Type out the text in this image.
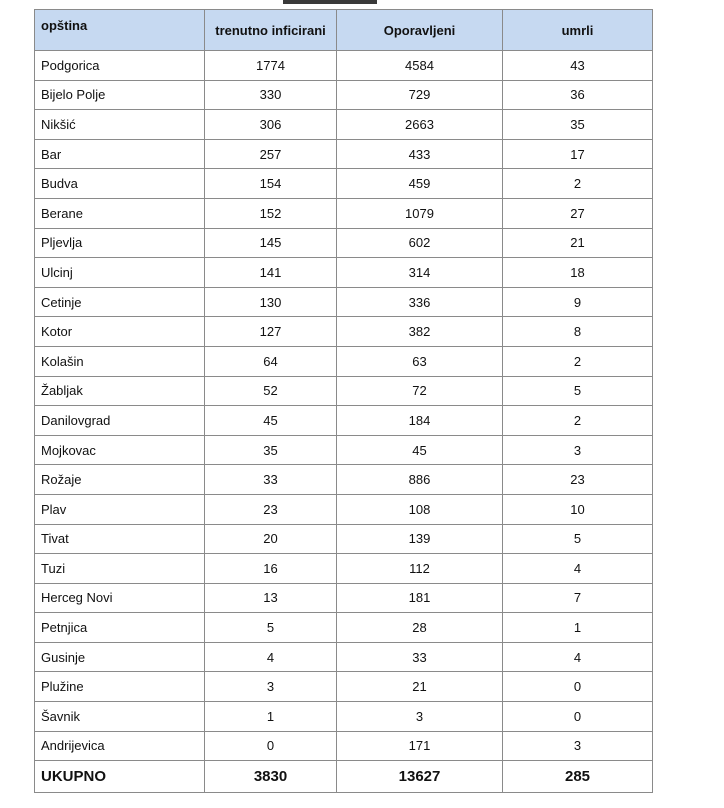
opština	trenutno inficirani	Oporavljeni	umrli
Podgorica	1774	4584	43
Bijelo Polje	330	729	36
Nikšić	306	2663	35
Bar	257	433	17
Budva	154	459	2
Berane	152	1079	27
Pljevlja	145	602	21
Ulcinj	141	314	18
Cetinje	130	336	9
Kotor	127	382	8
Kolašin	64	63	2
Žabljak	52	72	5
Danilovgrad	45	184	2
Mojkovac	35	45	3
Rožaje	33	886	23
Plav	23	108	10
Tivat	20	139	5
Tuzi	16	112	4
Herceg Novi	13	181	7
Petnjica	5	28	1
Gusinje	4	33	4
Plužine	3	21	0
Šavnik	1	3	0
Andrijevica	0	171	3
UKUPNO	3830	13627	285
